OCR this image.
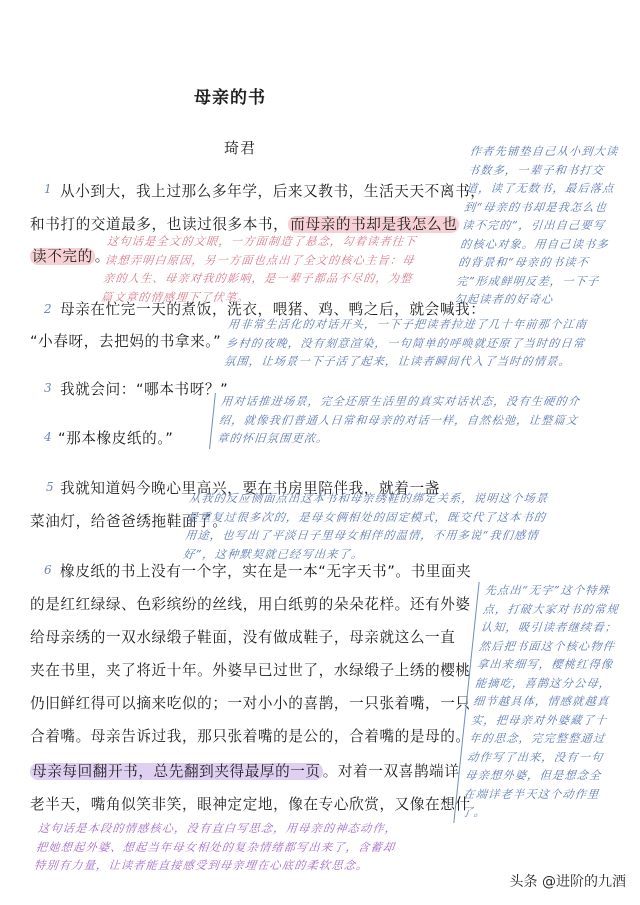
母亲的书
琦君
1
2
3
4
5
6
从小到大，我上过那么多年学，后来又教书，生活天天不离书，
和书打的交道最多，也读过很多本书， 而母亲的书却是我怎么也
读不完的 。
母亲在忙完一天的煮饭，洗衣，喂猪、鸡、鸭之后，就会喊我：
“小春呀，去把妈的书拿来。”
我就会问：“哪本书呀？”
“那本橡皮纸的。”
我就知道妈今晚心里高兴，要在书房里陪伴我，就着一盏
菜油灯，给爸爸绣拖鞋面了。
橡皮纸的书上没有一个字，实在是一本“无字天书”。书里面夹
的是红红绿绿、色彩缤纷的丝线，用白纸剪的朵朵花样。还有外婆
给母亲绣的一双水绿缎子鞋面，没有做成鞋子，母亲就这么一直
夹在书里，夹了将近十年。外婆早已过世了，水绿缎子上绣的樱桃
仍旧鲜红得可以摘来吃似的；一对小小的喜鹊，一只张着嘴，一只
合着嘴。母亲告诉过我，那只张着嘴的是公的，合着嘴的是母的。
母亲每回翻开书，总先翻到夹得最厚的一页 。对着一双喜鹊端详
老半天，嘴角似笑非笑，眼神定定地，像在专心欣赏，又像在想什
作者先铺垫自己从小到大读
书数多，一辈子和书打交
道，读了无数书，最后落点
到“母亲的书却是我怎么也
读不完的”，引出自己要写
的核心对象。用自己读书多
的背景和“母亲的书读不
完”形成鲜明反差，一下子
勾起读者的好奇心
这句话是全文的文眼，一方面制造了悬念，勾着读者往下
读想弄明白原因，另一方面也点出了全文的核心主旨：母
亲的人生、母亲对我的影响，是一辈子都品不尽的，为整
篇文章的情感埋下了伏笔。
用非常生活化的对话开头，一下子把读者拉进了几十年前那个江南
乡村的夜晚，没有刻意渲染，一句简单的呼唤就还原了当时的日常
氛围，让场景一下子活了起来，让读者瞬间代入了当时的情景。
用对话推进场景，完全还原生活里的真实对话状态，没有生硬的介
绍，就像我们普通人日常和母亲的对话一样，自然松弛，让整篇文
章的怀旧氛围更浓。
从我的反应侧面点出这本书和母亲绣鞋的绑定关系，说明这个场景
是重复过很多次的，是母女俩相处的固定模式，既交代了这本书的
用途，也写出了平淡日子里母女相伴的温情，不用多说“我们感情
好”，这种默契就已经写出来了。
先点出“无字”这个特殊
点，打破大家对书的常规
认知，吸引读者继续看；
然后把书面这个核心物件
拿出来细写，樱桃红得像
能摘吃，喜鹊这分公母，
细节越具体，情感就越真
实，把母亲对外婆藏了十
年的思念，完完整整通过
动作写了出来，没有一句
母亲想外婆，但是想念全
在端详老半天这个动作里
了。
这句话是本段的情感核心，没有直白写思念，用母亲的神态动作，
把她想起外婆、想起当年母女相处的复杂情绪都写出来了，含蓄却
特别有力量，让读者能直接感受到母亲埋在心底的柔软思念。
头条 @进阶的九酒
